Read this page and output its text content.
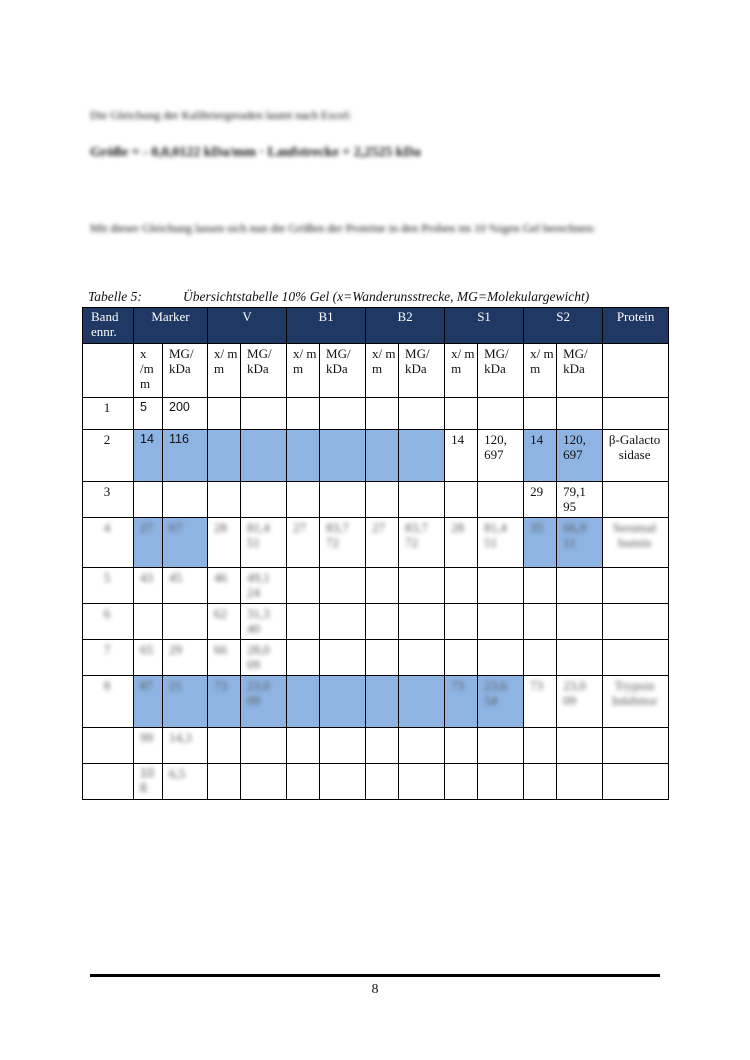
Die Gleichung der Kalibriergeraden lautet nach Excel:
Größe = - 0,0,0122 kDa/mm · Laufstrecke + 2,2525 kDa
Mit dieser Gleichung lassen sich nun die Größen der Proteine in den Proben im 10 %igen Gel berechnen:
Tabelle 5:	Übersichtstabelle 10% Gel (x=Wanderunsstrecke, MG=Molekulargewicht)
Band ennr.	Marker		V		B1		B2		S1		S2		Protein
	x /m m	MG/ kDa	x/ m m	MG/ kDa	x/ m m	MG/ kDa	x/ m m	MG/ kDa	x/ m m	MG/ kDa	x/ m m	MG/ kDa	
1	5	200											
2	14	116							14	120, 697	14	120, 697	β-Galacto sidase
3											29	79,1 95	
4	27	67	28	81,4 51	27	83,7 72	27	83,7 72	28	81,4 51	35	66,9 11	Serumal bumin
5	43	45	46	49,1 24									
6			62	31,3 40									
7	65	29	66	28,0 09									
8	87	21	73	23,0 09					73	23,6 54	73	23,0 09	Trypsin Inhibitor
	99	14,3											
	10 6	6,5											
8
